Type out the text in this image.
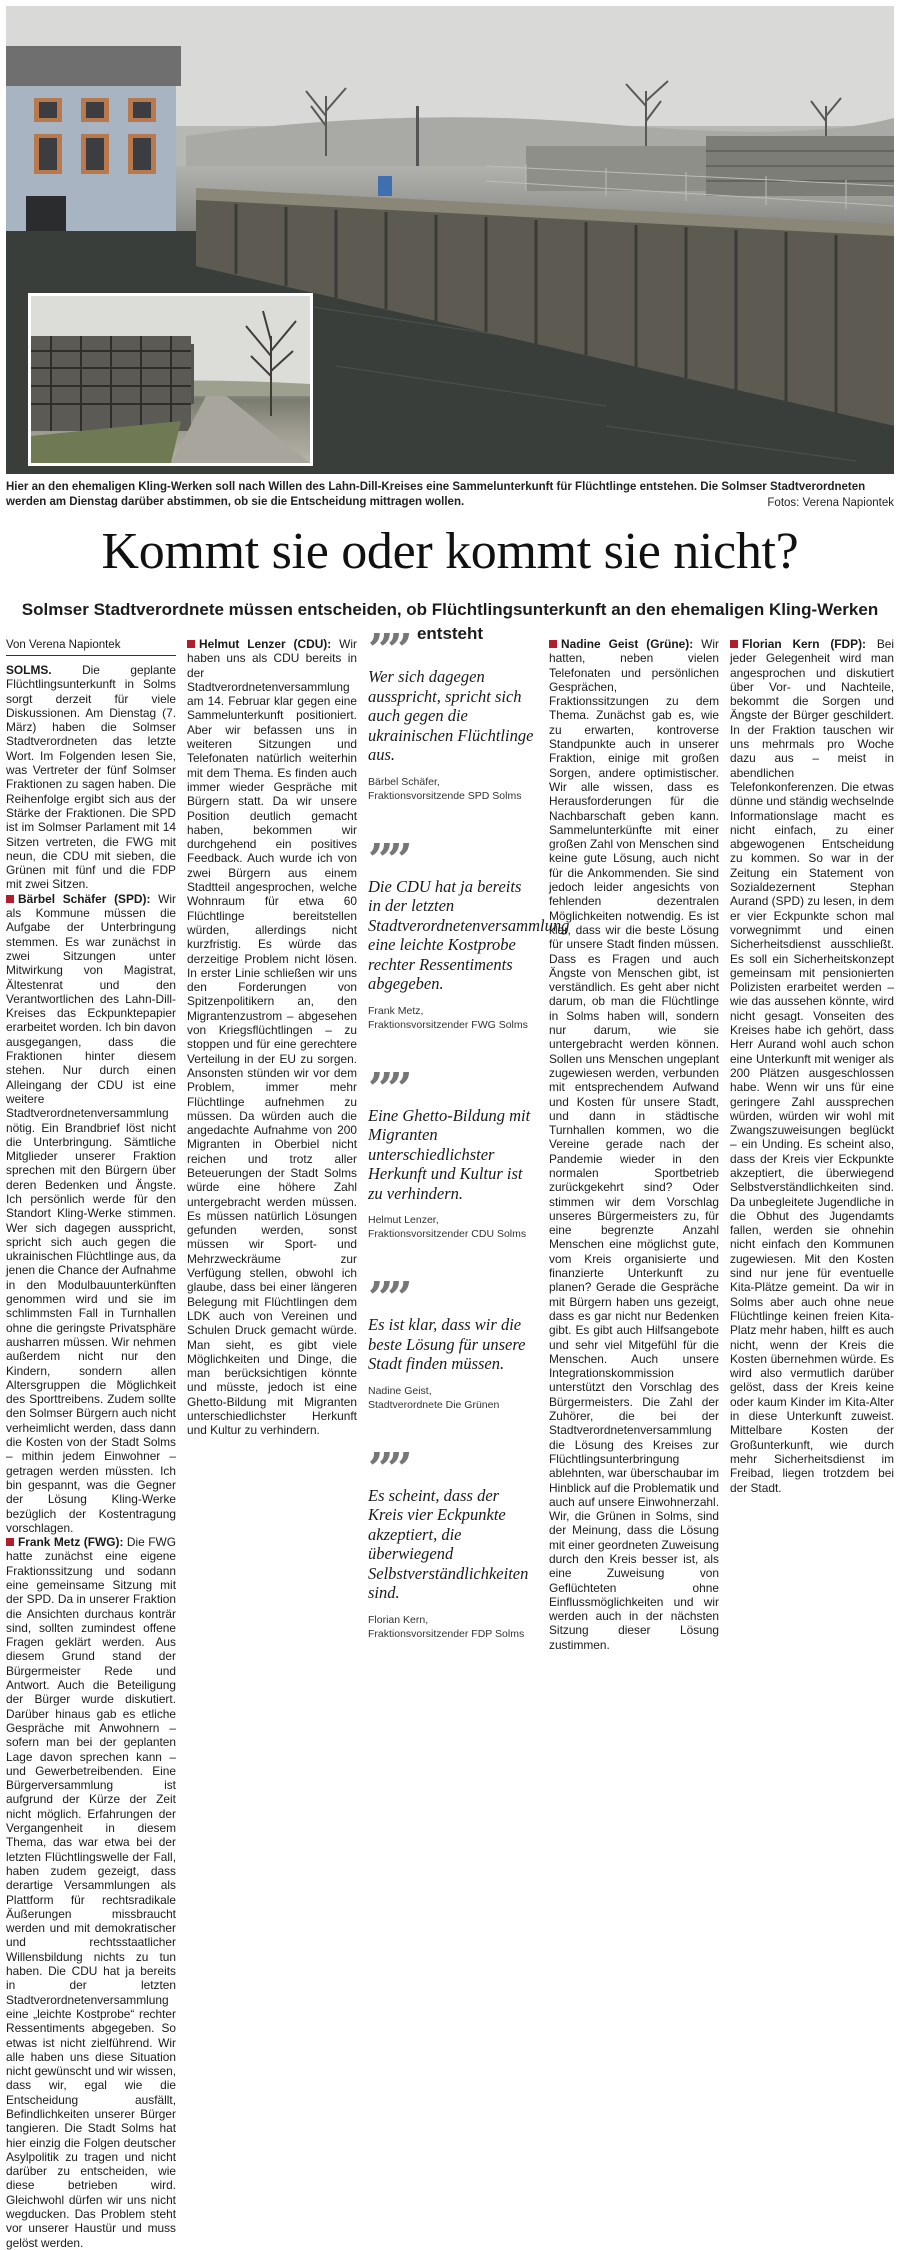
Hier an den ehemaligen Kling-Werken soll nach Willen des Lahn-Dill-Kreises eine Sammelunterkunft für Flüchtlinge entstehen. Die Solmser Stadtverordneten werden am Dienstag darüber abstimmen, ob sie die Entscheidung mittragen wollen.	Fotos: Verena Napiontek

Kommt sie oder kommt sie nicht?
Solmser Stadtverordnete müssen entscheiden, ob Flüchtlingsunterkunft an den ehemaligen Kling-Werken entsteht
Von Verena Napiontek

SOLMS.	Die geplante Flüchtlingsunterkunft in Solms sorgt derzeit für viele Diskussionen. Am Dienstag (7. März) haben die Solmser Stadtverordneten das letzte Wort. Im Folgenden lesen Sie, was Vertreter der fünf Solmser Fraktionen zu sagen haben. Die Reihenfolge ergibt sich aus der Stärke der Fraktionen. Die SPD ist im Solmser Parlament mit 14 Sitzen vertreten, die FWG mit neun, die CDU mit sieben, die Grünen mit fünf und die FDP mit zwei Sitzen.

Bärbel Schäfer (SPD): Wir als Kommune müssen die Aufgabe der Unterbringung stemmen. Es war zunächst in zwei Sitzungen unter Mitwirkung von Magistrat, Ältestenrat und den Verantwortlichen des Lahn-Dill-Kreises das Eckpunktepapier erarbeitet worden. Ich bin davon ausgegangen, dass die Fraktionen hinter diesem stehen. Nur durch einen Alleingang der CDU ist eine weitere Stadtverordnetenversammlung nötig. Ein Brandbrief löst nicht die Unterbringung. Sämtliche Mitglieder unserer Fraktion sprechen mit den Bürgern über deren Bedenken und Ängste. Ich persönlich werde für den Standort Kling-Werke stimmen. Wer sich dagegen ausspricht, spricht sich auch gegen die ukrainischen Flüchtlinge aus, da jenen die Chance der Aufnahme in den Modulbauunterkünften genommen wird und sie im schlimmsten Fall in Turnhallen ohne die geringste Privatsphäre ausharren müssen. Wir nehmen außerdem nicht nur den Kindern, sondern allen Altersgruppen die Möglichkeit des Sporttreibens. Zudem sollte den Solmser Bürgern auch nicht verheimlicht werden, dass dann die Kosten von der Stadt Solms – mithin jedem Einwohner – getragen werden müssten. Ich bin gespannt, was die Gegner der Lösung Kling-Werke bezüglich der Kostentragung vorschlagen.

Frank Metz (FWG): Die FWG hatte zunächst eine eigene Fraktionssitzung und sodann eine gemeinsame Sitzung mit der SPD. Da in unserer Fraktion die Ansichten durchaus konträr sind, sollten zumindest offene Fragen geklärt werden. Aus diesem Grund stand der Bürgermeister Rede und Antwort. Auch die Beteiligung der Bürger wurde diskutiert. Darüber hinaus gab es etliche Gespräche mit Anwohnern – sofern man bei der geplanten Lage davon sprechen kann – und Gewerbetreibenden. Eine Bürgerversammlung ist aufgrund der Kürze der Zeit nicht möglich. Erfahrungen der Vergangenheit in diesem Thema, das war etwa bei der letzten Flüchtlingswelle der Fall, haben zudem gezeigt, dass derartige Versammlungen als Plattform für rechtsradikale Äußerungen missbraucht werden und mit demokratischer und rechtsstaatlicher Willensbildung nichts zu tun haben. Die CDU hat ja bereits in der letzten Stadtverordnetenversammlung eine „leichte Kostprobe“ rechter Ressentiments abgegeben. So etwas ist nicht zielführend. Wir alle haben uns diese Situation nicht gewünscht und wir wissen, dass wir, egal wie die Entscheidung ausfällt, Befindlichkeiten unserer Bürger tangieren. Die Stadt Solms hat hier einzig die Folgen deutscher Asylpolitik zu tragen und nicht darüber zu entscheiden, wie diese betrieben wird. Gleichwohl dürfen wir uns nicht wegducken. Das Problem steht vor unserer Haustür und muss gelöst werden.

Helmut Lenzer (CDU): Wir haben uns als CDU bereits in der Stadtverordnetenversammlung am 14. Februar klar gegen eine Sammelunterkunft positioniert. Aber wir befassen uns in weiteren Sitzungen und Telefonaten natürlich weiterhin mit dem Thema. Es finden auch immer wieder Gespräche mit Bürgern statt. Da wir unsere Position deutlich gemacht haben, bekommen wir durchgehend ein positives Feedback. Auch wurde ich von zwei Bürgern aus einem Stadtteil angesprochen, welche Wohnraum für etwa 60 Flüchtlinge bereitstellen würden, allerdings nicht kurzfristig. Es würde das derzeitige Problem nicht lösen. In erster Linie schließen wir uns den Forderungen von Spitzenpolitikern an, den Migrantenzustrom – abgesehen von Kriegsflüchtlingen – zu stoppen und für eine gerechtere Verteilung in der EU zu sorgen. Ansonsten stünden wir vor dem Problem, immer mehr Flüchtlinge aufnehmen zu müssen. Da würden auch die angedachte Aufnahme von 200 Migranten in Oberbiel nicht reichen und trotz aller Beteuerungen der Stadt Solms würde eine höhere Zahl untergebracht werden müssen. Es müssen natürlich Lösungen gefunden werden, sonst müssen wir Sport- und Mehrzweckräume zur Verfügung stellen, obwohl ich glaube, dass bei einer längeren Belegung mit Flüchtlingen dem LDK auch von Vereinen und Schulen Druck gemacht würde. Man sieht, es gibt viele Möglichkeiten und Dinge, die man berücksichtigen könnte und müsste, jedoch ist eine Ghetto-Bildung mit Migranten unterschiedlichster Herkunft und Kultur zu verhindern.

””
Wer sich dagegen ausspricht, spricht sich auch gegen die ukrainischen Flüchtlinge aus.
Bärbel Schäfer,
Fraktionsvorsitzende SPD Solms
””
Die CDU hat ja bereits in der letzten Stadtverordnetenversammlung eine leichte Kostprobe rechter Ressentiments abgegeben.
Frank Metz,
Fraktionsvorsitzender FWG Solms
””
Eine Ghetto-Bildung mit Migranten unterschiedlichster Herkunft und Kultur ist zu verhindern.
Helmut Lenzer,
Fraktionsvorsitzender CDU Solms
””
Es ist klar, dass wir die beste Lösung für unsere Stadt finden müssen.
Nadine Geist,
Stadtverordnete Die Grünen
””
Es scheint, dass der Kreis vier Eckpunkte akzeptiert, die überwiegend Selbstverständlichkeiten sind.
Florian Kern,
Fraktionsvorsitzender FDP Solms

Nadine Geist (Grüne): Wir hatten, neben vielen Telefonaten und persönlichen Gesprächen, Fraktionssitzungen zu dem Thema. Zunächst gab es, wie zu erwarten, kontroverse Standpunkte auch in unserer Fraktion, einige mit großen Sorgen, andere optimistischer. Wir alle wissen, dass es Herausforderungen für die Nachbarschaft geben kann. Sammelunterkünfte mit einer großen Zahl von Menschen sind keine gute Lösung, auch nicht für die Ankommenden. Sie sind jedoch leider angesichts von fehlenden dezentralen Möglichkeiten notwendig. Es ist klar, dass wir die beste Lösung für unsere Stadt finden müssen. Dass es Fragen und auch Ängste von Menschen gibt, ist verständlich. Es geht aber nicht darum, ob man die Flüchtlinge in Solms haben will, sondern nur darum, wie sie untergebracht werden können. Sollen uns Menschen ungeplant zugewiesen werden, verbunden mit entsprechendem Aufwand und Kosten für unsere Stadt, und dann in städtische Turnhallen kommen, wo die Vereine gerade nach der Pandemie wieder in den normalen Sportbetrieb zurückgekehrt sind? Oder stimmen wir dem Vorschlag unseres Bürgermeisters zu, für eine begrenzte Anzahl Menschen eine möglichst gute, vom Kreis organisierte und finanzierte Unterkunft zu planen? Gerade die Gespräche mit Bürgern haben uns gezeigt, dass es gar nicht nur Bedenken gibt. Es gibt auch Hilfsangebote und sehr viel Mitgefühl für die Menschen. Auch unsere Integrationskommission unterstützt den Vorschlag des Bürgermeisters. Die Zahl der Zuhörer, die bei der Stadtverordnetenversammlung die Lösung des Kreises zur Flüchtlingsunterbringung ablehnten, war überschaubar im Hinblick auf die Problematik und auch auf unsere Einwohnerzahl. Wir, die Grünen in Solms, sind der Meinung, dass die Lösung mit einer geordneten Zuweisung durch den Kreis besser ist, als eine Zuweisung von Geflüchteten ohne Einflussmöglichkeiten und wir werden auch in der nächsten Sitzung dieser Lösung zustimmen.

Florian Kern (FDP): Bei jeder Gelegenheit wird man angesprochen und diskutiert über Vor- und Nachteile, bekommt die Sorgen und Ängste der Bürger geschildert. In der Fraktion tauschen wir uns mehrmals pro Woche dazu aus – meist in abendlichen Telefonkonferenzen. Die etwas dünne und ständig wechselnde Informationslage macht es nicht einfach, zu einer abgewogenen Entscheidung zu kommen. So war in der Zeitung ein Statement von Sozialdezernent Stephan Aurand (SPD) zu lesen, in dem er vier Eckpunkte schon mal vorwegnimmt und einen Sicherheitsdienst ausschließt. Es soll ein Sicherheitskonzept gemeinsam mit pensionierten Polizisten erarbeitet werden – wie das aussehen könnte, wird nicht gesagt. Vonseiten des Kreises habe ich gehört, dass Herr Aurand wohl auch schon eine Unterkunft mit weniger als 200 Plätzen ausgeschlossen habe. Wenn wir uns für eine geringere Zahl aussprechen würden, würden wir wohl mit Zwangszuweisungen beglückt – ein Unding. Es scheint also, dass der Kreis vier Eckpunkte akzeptiert, die überwiegend Selbstverständlichkeiten sind. Da unbegleitete Jugendliche in die Obhut des Jugendamts fallen, werden sie ohnehin nicht einfach den Kommunen zugewiesen. Mit den Kosten sind nur jene für eventuelle Kita-Plätze gemeint. Da wir in Solms aber auch ohne neue Flüchtlinge keinen freien Kita-Platz mehr haben, hilft es auch nicht, wenn der Kreis die Kosten übernehmen würde. Es wird also vermutlich darüber gelöst, dass der Kreis keine oder kaum Kinder im Kita-Alter in diese Unterkunft zuweist. Mittelbare Kosten der Großunterkunft, wie durch mehr Sicherheitsdienst im Freibad, liegen trotzdem bei der Stadt.
